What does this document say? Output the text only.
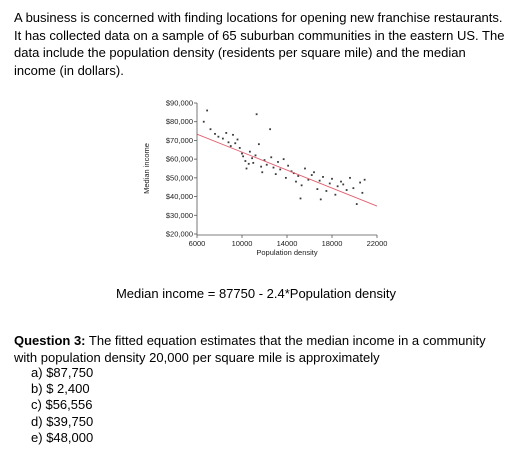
A business is concerned with finding locations for opening new franchise restaurants. It has collected data on a sample of 65 suburban communities in the eastern US. The data include the population density (residents per square mile) and the median income (in dollars).

$20,000
$30,000
$40,000
$50,000
$60,000
$70,000
$80,000
$90,000
6000	10000	14000	18000	22000
Median income
Population density

Median income = 87750 - 2.4*Population density

Question 3: The fitted equation estimates that the median income in a community with population density 20,000 per square mile is approximately

a) $87,750
b) $ 2,400
c) $56,556
d) $39,750
e) $48,000
